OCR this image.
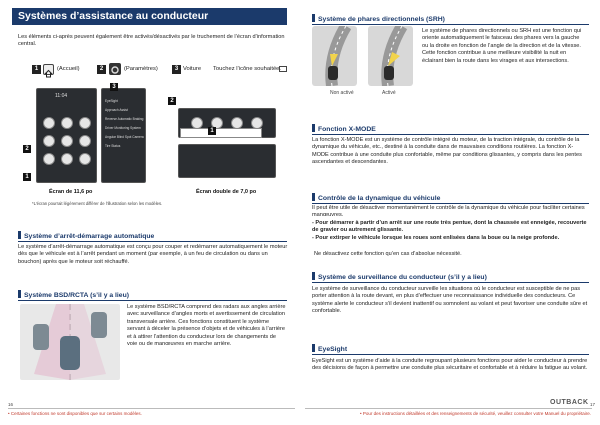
Systèmes d’assistance au conducteur
Les éléments ci-après peuvent également être activés/désactivés par le truchement de l’écran d’information central.
1	(Accueil)	2	(Paramètres)	3 Voiture Touchez l’icône souhaitée.
11:04
EyeSight
Approach Assist
Reverse Automatic Braking
Driver Monitoring System
Angular Blind Spot Camera
Tire Status
1
2
3
2
1
Écran de 11,6 po	Écran double de 7,0 po
*L’écran pourrait légèrement différer de l’illustration selon les modèles.
Système d’arrêt-démarrage automatique
Le système d’arrêt-démarrage automatique est conçu pour couper et redémarrer automatiquement le moteur dès que le véhicule est à l’arrêt pendant un moment (par exemple, à un feu de circulation ou dans un bouchon) après que le moteur soit réchauffé.
Système BSD/RCTA (s’il y a lieu)
Le système BSD/RCTA comprend des radars aux angles arrière avec surveillance d’angles morts et avertissement de circulation transversale arrière. Ces fonctions constituent le système servant à déceler la présence d’objets et de véhicules à l’arrière et à attirer l’attention du conducteur lors de changements de voie ou de manœuvres en marche arrière.
16
• Certaines fonctions ne sont disponibles que sur certains modèles.
Système de phares directionnels (SRH)
Non activé	Activé
Le système de phares directionnels ou SRH est une fonction qui oriente automatiquement le faisceau des phares vers la gauche ou la droite en fonction de l’angle de la direction et de la vitesse. Cette fonction contribue à une meilleure visibilité la nuit en éclairant bien la route dans les virages et aux intersections.
Fonction X-MODE
La fonction X-MODE est un système de contrôle intégré du moteur, de la traction intégrale, du contrôle de la dynamique du véhicule, etc., destiné à la conduite dans de mauvaises conditions routières. La fonction X-MODE contribue à une conduite plus confortable, même par conditions glissantes, y compris dans les pentes ascendantes et descendantes.
Contrôle de la dynamique du véhicule
Il peut être utile de désactiver momentanément le contrôle de la dynamique du véhicule pour faciliter certaines manœuvres.
- Pour démarrer à partir d’un arrêt sur une route très pentue, dont la chaussée est enneigée, recouverte de gravier ou autrement glissante.
- Pour extirper le véhicule lorsque les roues sont enlisées dans la boue ou la neige profonde.
Ne désactivez cette fonction qu’en cas d’absolue nécessité.
Système de surveillance du conducteur (s’il y a lieu)
Le système de surveillance du conducteur surveille les situations où le conducteur est susceptible de ne pas porter attention à la route devant, en plus d’effectuer une reconnaissance individuelle des conducteurs. Ce système alerte le conducteur s’il devient inattentif ou somnolent au volant et peut favoriser une conduite sûre et confortable.
EyeSight
EyeSight est un système d’aide à la conduite regroupant plusieurs fonctions pour aider le conducteur à prendre des décisions de façon à permettre une conduite plus sécuritaire et confortable et à réduire la fatigue au volant.
OUTBACK 17
• Pour des instructions détaillées et des renseignements de sécurité, veuillez consulter votre Manuel du propriétaire.
